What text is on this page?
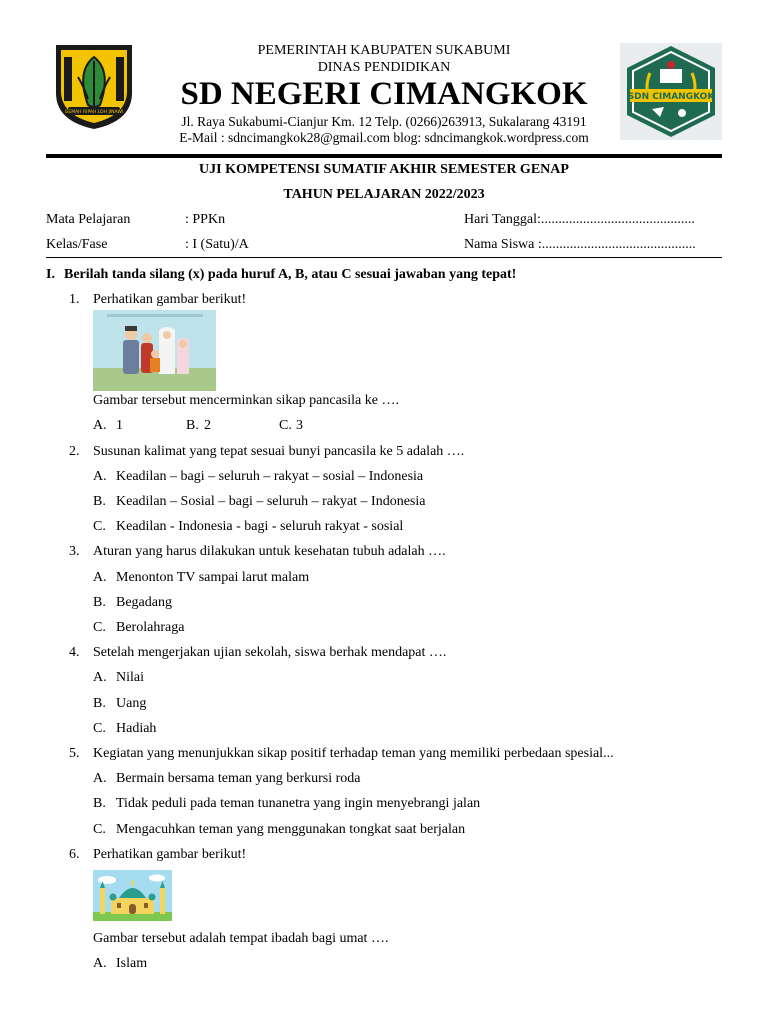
GEMAH RIPAH LOH JINAWI
SDN CIMANGKOK
PEMERINTAH KABUPATEN SUKABUMI
DINAS PENDIDIKAN
SD NEGERI CIMANGKOK
Jl. Raya Sukabumi-Cianjur Km. 12 Telp. (0266)263913, Sukalarang 43191
E-Mail : sdncimangkok28@gmail.com blog: sdncimangkok.wordpress.com
UJI KOMPETENSI SUMATIF AKHIR SEMESTER GENAP
TAHUN PELAJARAN 2022/2023
Mata Pelajaran	: PPKn	Hari Tanggal:............................................
Kelas/Fase	: I (Satu)/A	Nama Siswa :............................................
I. Berilah tanda silang (x) pada huruf A, B, atau C sesuai jawaban yang tepat!
1. Perhatikan gambar berikut!
Gambar tersebut mencerminkan sikap pancasila ke ….
A. 1	B. 2	C. 3
2. Susunan kalimat yang tepat sesuai bunyi pancasila ke 5 adalah ….
A. Keadilan – bagi – seluruh – rakyat – sosial – Indonesia
B. Keadilan – Sosial – bagi – seluruh – rakyat – Indonesia
C. Keadilan - Indonesia - bagi - seluruh rakyat - sosial
3. Aturan yang harus dilakukan untuk kesehatan tubuh adalah ….
A. Menonton TV sampai larut malam
B. Begadang
C. Berolahraga
4. Setelah mengerjakan ujian sekolah, siswa berhak mendapat ….
A. Nilai
B. Uang
C. Hadiah
5. Kegiatan yang menunjukkan sikap positif terhadap teman yang memiliki perbedaan spesial...
A. Bermain bersama teman yang berkursi roda
B. Tidak peduli pada teman tunanetra yang ingin menyebrangi jalan
C. Mengacuhkan teman yang menggunakan tongkat saat berjalan
6. Perhatikan gambar berikut!
Gambar tersebut adalah tempat ibadah bagi umat ….
A. Islam
